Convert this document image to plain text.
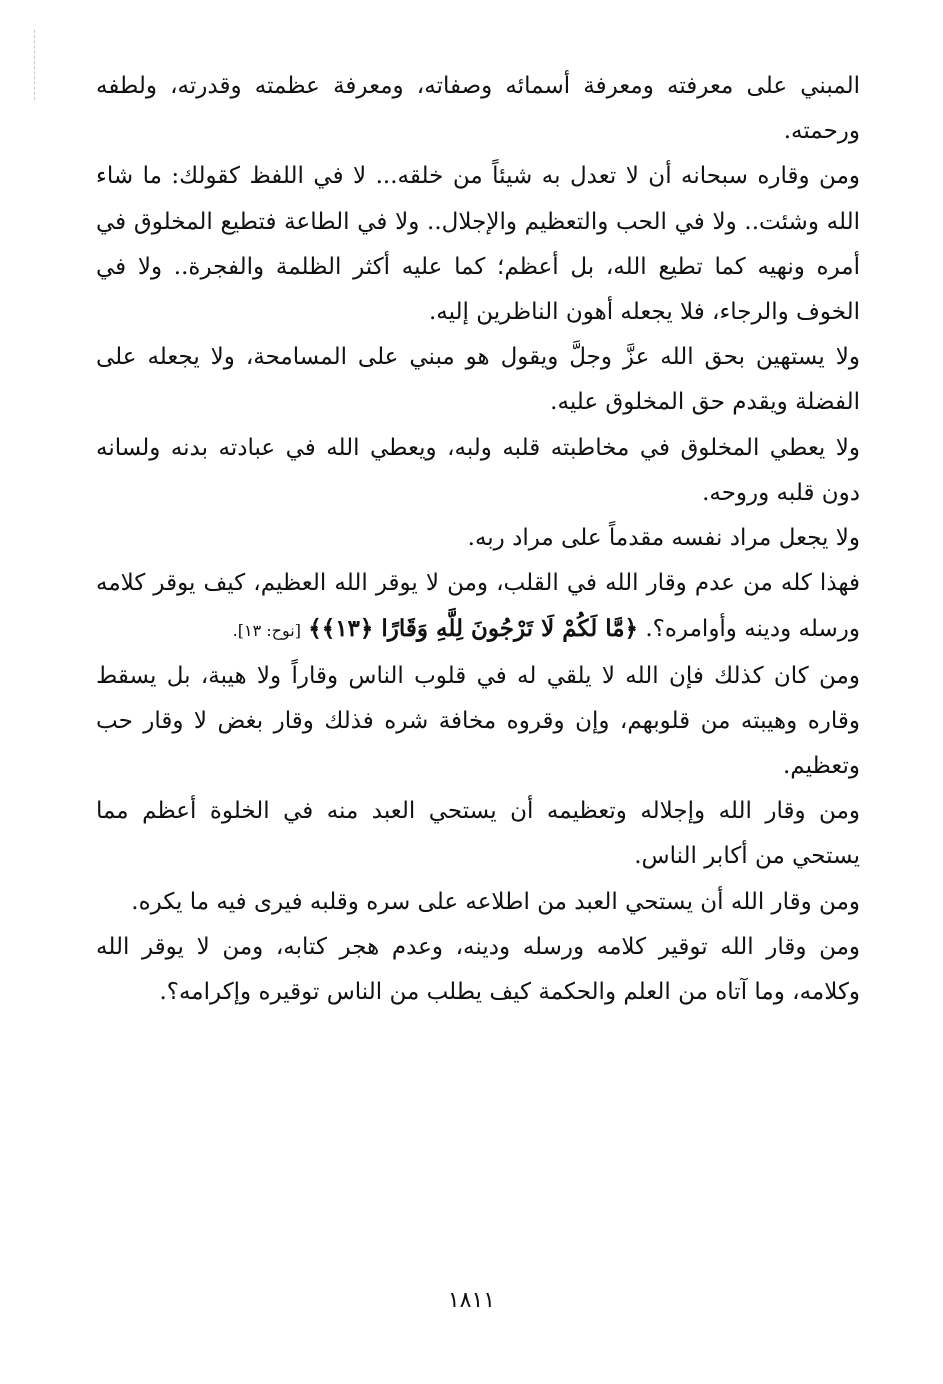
المبني على معرفته ومعرفة أسمائه وصفاته، ومعرفة عظمته وقدرته، ولطفه ورحمته.

ومن وقاره سبحانه أن لا تعدل به شيئاً من خلقه... لا في اللفظ كقولك: ما شاء الله وشئت.. ولا في الحب والتعظيم والإجلال.. ولا في الطاعة فتطيع المخلوق في أمره ونهيه كما تطيع الله، بل أعظم؛ كما عليه أكثر الظلمة والفجرة.. ولا في الخوف والرجاء، فلا يجعله أهون الناظرين إليه.

ولا يستهين بحق الله عزَّ وجلَّ ويقول هو مبني على المسامحة، ولا يجعله على الفضلة ويقدم حق المخلوق عليه.

ولا يعطي المخلوق في مخاطبته قلبه ولبه، ويعطي الله في عبادته بدنه ولسانه دون قلبه وروحه.

ولا يجعل مراد نفسه مقدماً على مراد ربه.

فهذا كله من عدم وقار الله في القلب، ومن لا يوقر الله العظيم، كيف يوقر كلامه ورسله ودينه وأوامره؟. ﴿مَّا لَكُمْ لَا تَرْجُونَ لِلَّهِ وَقَارًا ﴿١٣﴾﴾ [نوح: ١٣].

ومن كان كذلك فإن الله لا يلقي له في قلوب الناس وقاراً ولا هيبة، بل يسقط وقاره وهيبته من قلوبهم، وإن وقروه مخافة شره فذلك وقار بغض لا وقار حب وتعظيم.

ومن وقار الله وإجلاله وتعظيمه أن يستحي العبد منه في الخلوة أعظم مما يستحي من أكابر الناس.

ومن وقار الله أن يستحي العبد من اطلاعه على سره وقلبه فيرى فيه ما يكره.

ومن وقار الله توقير كلامه ورسله ودينه، وعدم هجر كتابه، ومن لا يوقر الله وكلامه، وما آتاه من العلم والحكمة كيف يطلب من الناس توقيره وإكرامه؟.

١٨١١
